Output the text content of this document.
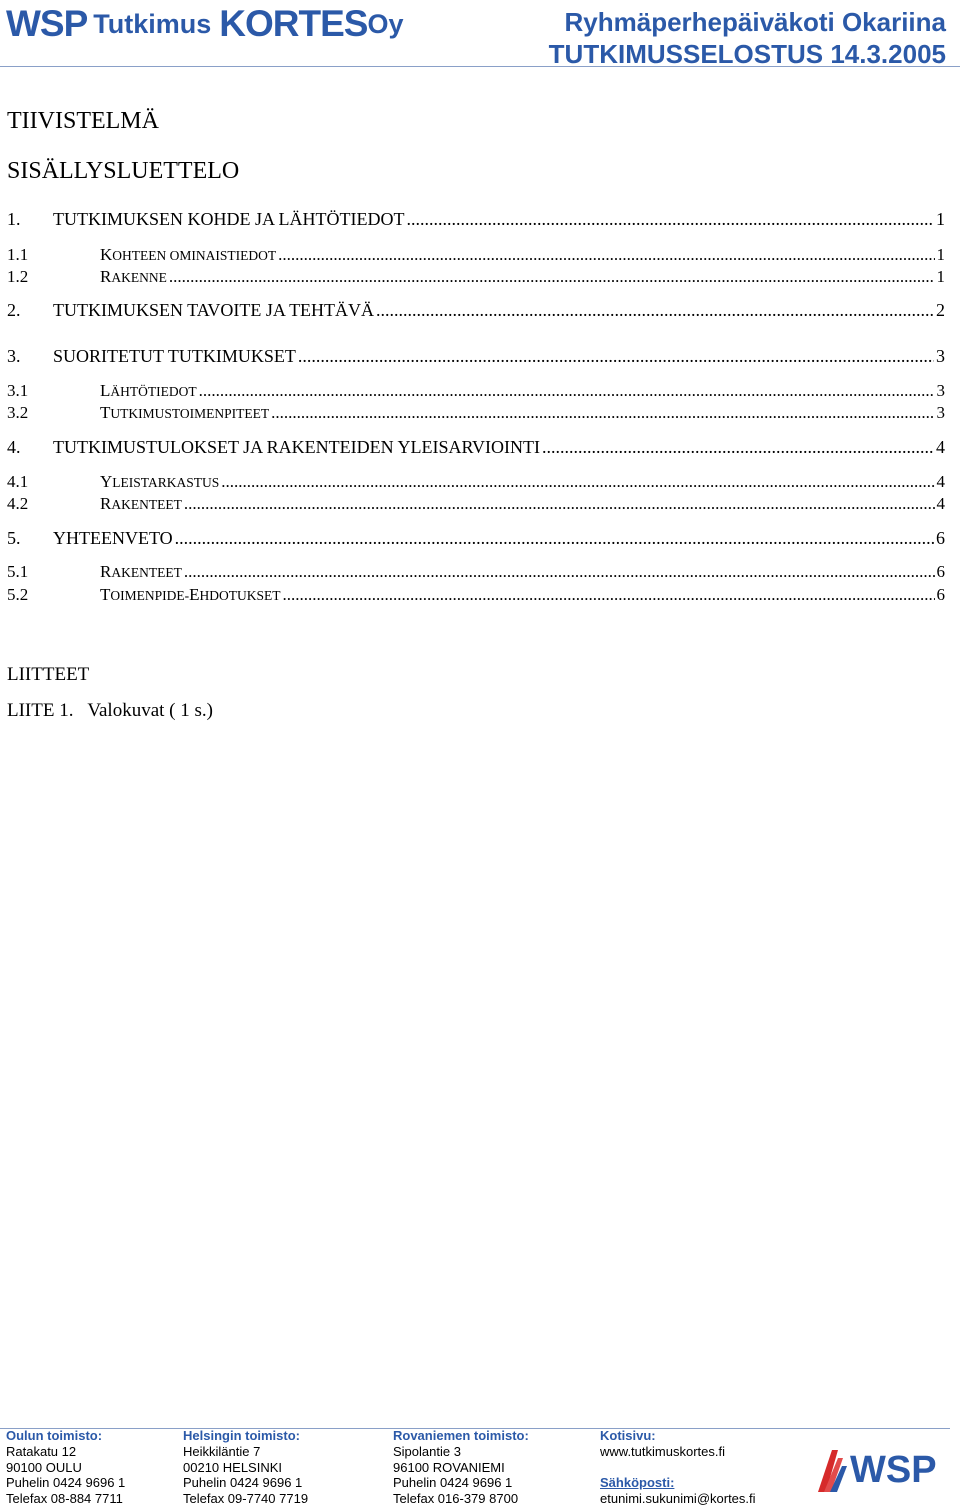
WSP Tutkimus KORTES Oy	Ryhmäperhepäiväkoti Okariina
TUTKIMUSSELOSTUS 14.3.2005
TIIVISTELMÄ
SISÄLLYSLUETTELO
1.	TUTKIMUKSEN KOHDE JA LÄHTÖTIEDOT .....	1
1.1	KOHTEEN OMINAISTIEDOT .....	1
1.2	RAKENNE .....	1
2.	TUTKIMUKSEN TAVOITE JA TEHTÄVÄ .....	2
3.	SUORITETUT TUTKIMUKSET .....	3
3.1	LÄHTÖTIEDOT .....	3
3.2	TUTKIMUSTOIMENPITEET .....	3
4.	TUTKIMUSTULOKSET JA RAKENTEIDEN YLEISARVIOINTI .....	4
4.1	YLEISTARKASTUS .....	4
4.2	RAKENTEET .....	4
5.	YHTEENVETO .....	6
5.1	RAKENTEET .....	6
5.2	TOIMENPIDE-EHDOTUKSET .....	6
LIITTEET
LIITE 1.   Valokuvat ( 1 s.)
Oulun toimisto:
Ratakatu 12
90100 OULU
Puhelin 0424 9696 1
Telefax 08-884 7711
Helsingin toimisto:
Heikkiläntie 7
00210 HELSINKI
Puhelin 0424 9696 1
Telefax 09-7740 7719
Rovaniemen toimisto:
Sipolantie 3
96100 ROVANIEMI
Puhelin 0424 9696 1
Telefax 016-379 8700
Kotisivu:
www.tutkimuskortes.fi
Sähköposti:
etunimi.sukunimi@kortes.fi
WSP
